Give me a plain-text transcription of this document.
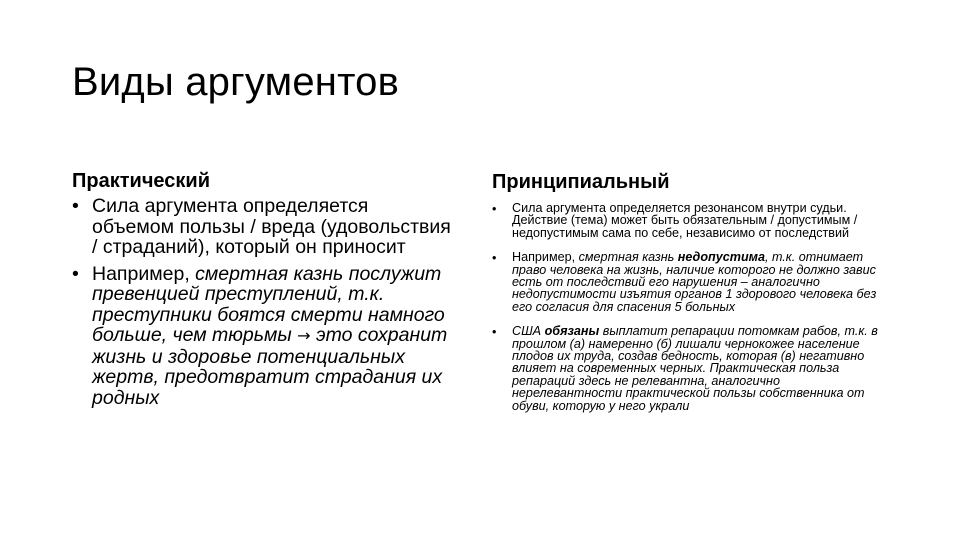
Виды аргументов
Практический
• Сила аргумента определяется объемом пользы / вреда (удовольствия / страданий), который он приносит
• Например, смертная казнь послужит превенцией преступлений, т.к. преступники боятся смерти намного больше, чем тюрьмы → это сохранит жизнь и здоровье потенциальных жертв, предотвратит страдания их родных
Принципиальный
• Сила аргумента определяется резонансом внутри судьи. Действие (тема) может быть обязательным / допустимым / недопустимым сама по себе, независимо от последствий
• Например, смертная казнь недопустима, т.к. отнимает право человека на жизнь, наличие которого не должно завис есть от последствий его нарушения – аналогично недопустимости изъятия органов 1 здорового человека без его согласия для спасения 5 больных
• США обязаны выплатит репарации потомкам рабов, т.к. в прошлом (а) намеренно (б) лишали чернокожее население плодов их труда, создав бедность, которая (в) негативно влияет на современных черных. Практическая польза репараций здесь не релевантна, аналогично нерелевантности практической пользы собственника от обуви, которую у него украли
